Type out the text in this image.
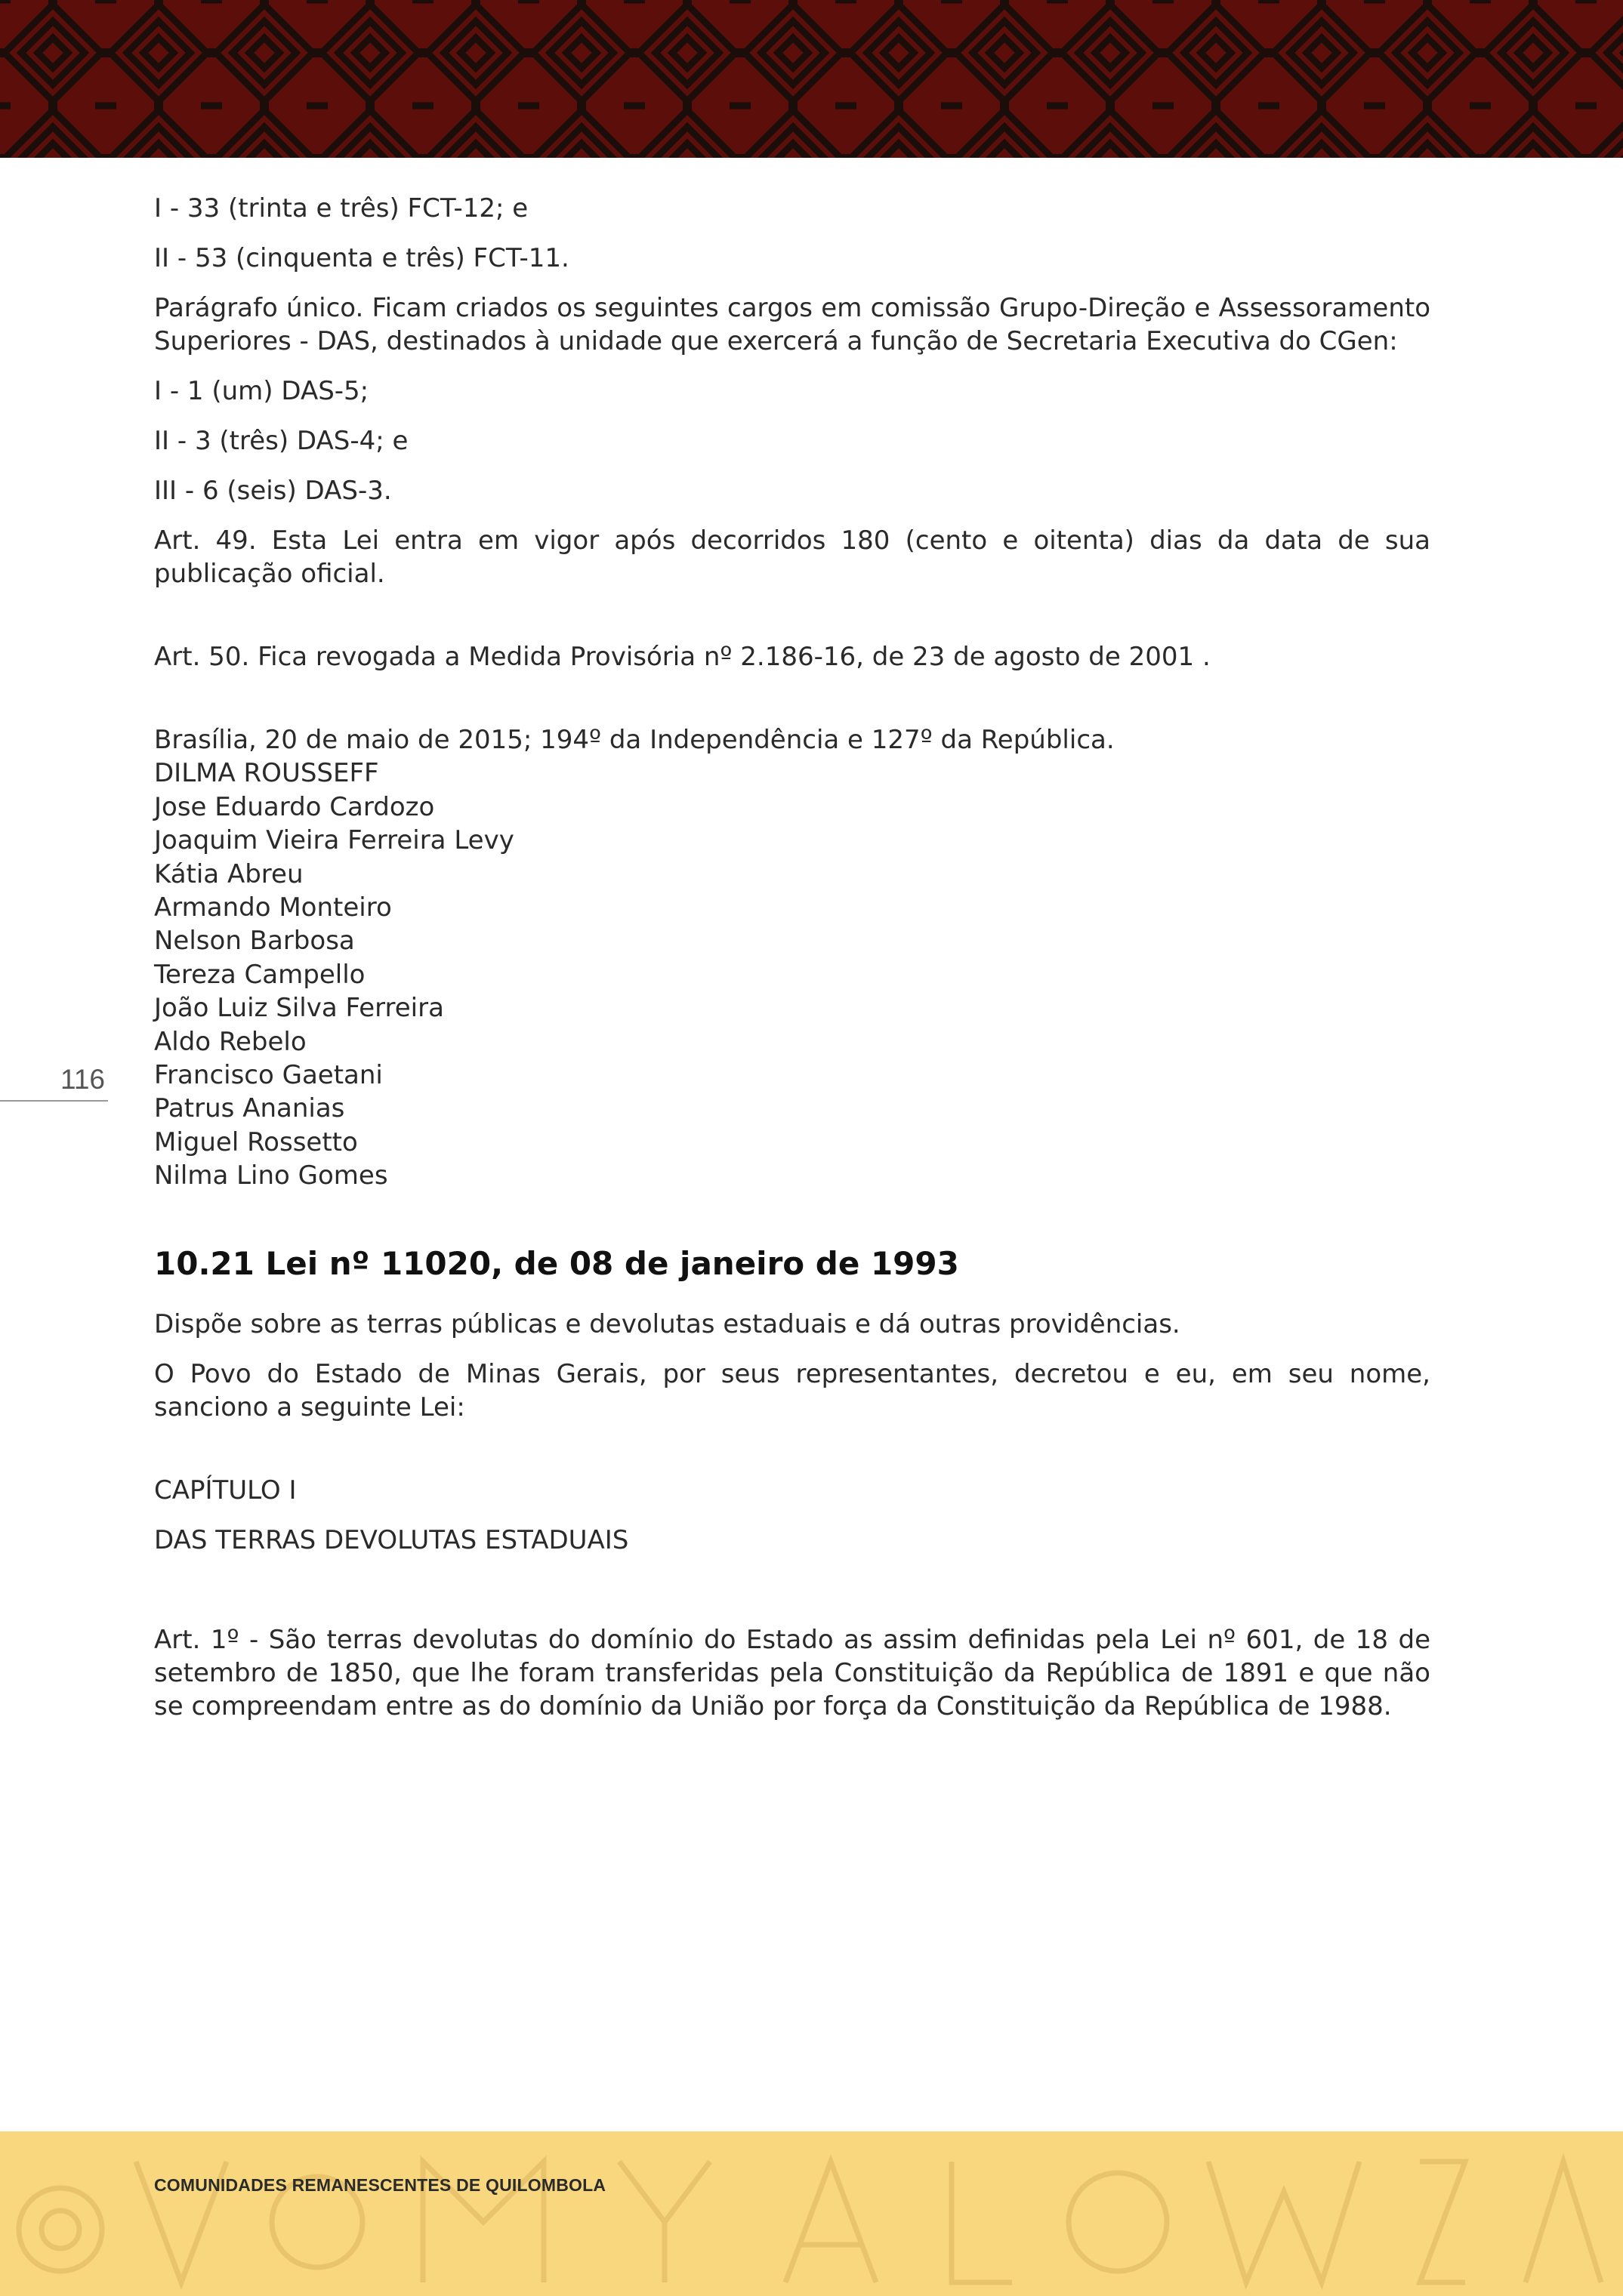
116

I - 33 (trinta e três) FCT-12; e

II - 53 (cinquenta e três) FCT-11.

Parágrafo único. Ficam criados os seguintes cargos em comissão Grupo-Direção e Assessoramento Superiores - DAS, destinados à unidade que exercerá a função de Secretaria Executiva do CGen:

I - 1 (um) DAS-5;

II - 3 (três) DAS-4; e

III - 6 (seis) DAS-3.

Art. 49. Esta Lei entra em vigor após decorridos 180 (cento e oitenta) dias da data de sua publicação oficial.

Art. 50. Fica revogada a Medida Provisória nº 2.186-16, de 23 de agosto de 2001 .

Brasília, 20 de maio de 2015; 194º da Independência e 127º da República.
DILMA ROUSSEFF
Jose Eduardo Cardozo
Joaquim Vieira Ferreira Levy
Kátia Abreu
Armando Monteiro
Nelson Barbosa
Tereza Campello
João Luiz Silva Ferreira
Aldo Rebelo
Francisco Gaetani
Patrus Ananias
Miguel Rossetto
Nilma Lino Gomes
10.21 Lei nº 11020, de 08 de janeiro de 1993

Dispõe sobre as terras públicas e devolutas estaduais e dá outras providências.

O Povo do Estado de Minas Gerais, por seus representantes, decretou e eu, em seu nome, sanciono a seguinte Lei:

CAPÍTULO I

DAS TERRAS DEVOLUTAS ESTADUAIS

Art. 1º - São terras devolutas do domínio do Estado as assim definidas pela Lei nº 601, de 18 de setembro de 1850, que lhe foram transferidas pela Constituição da República de 1891 e que não se compreendam entre as do domínio da União por força da Constituição da República de 1988.

COMUNIDADES REMANESCENTES DE QUILOMBOLA
